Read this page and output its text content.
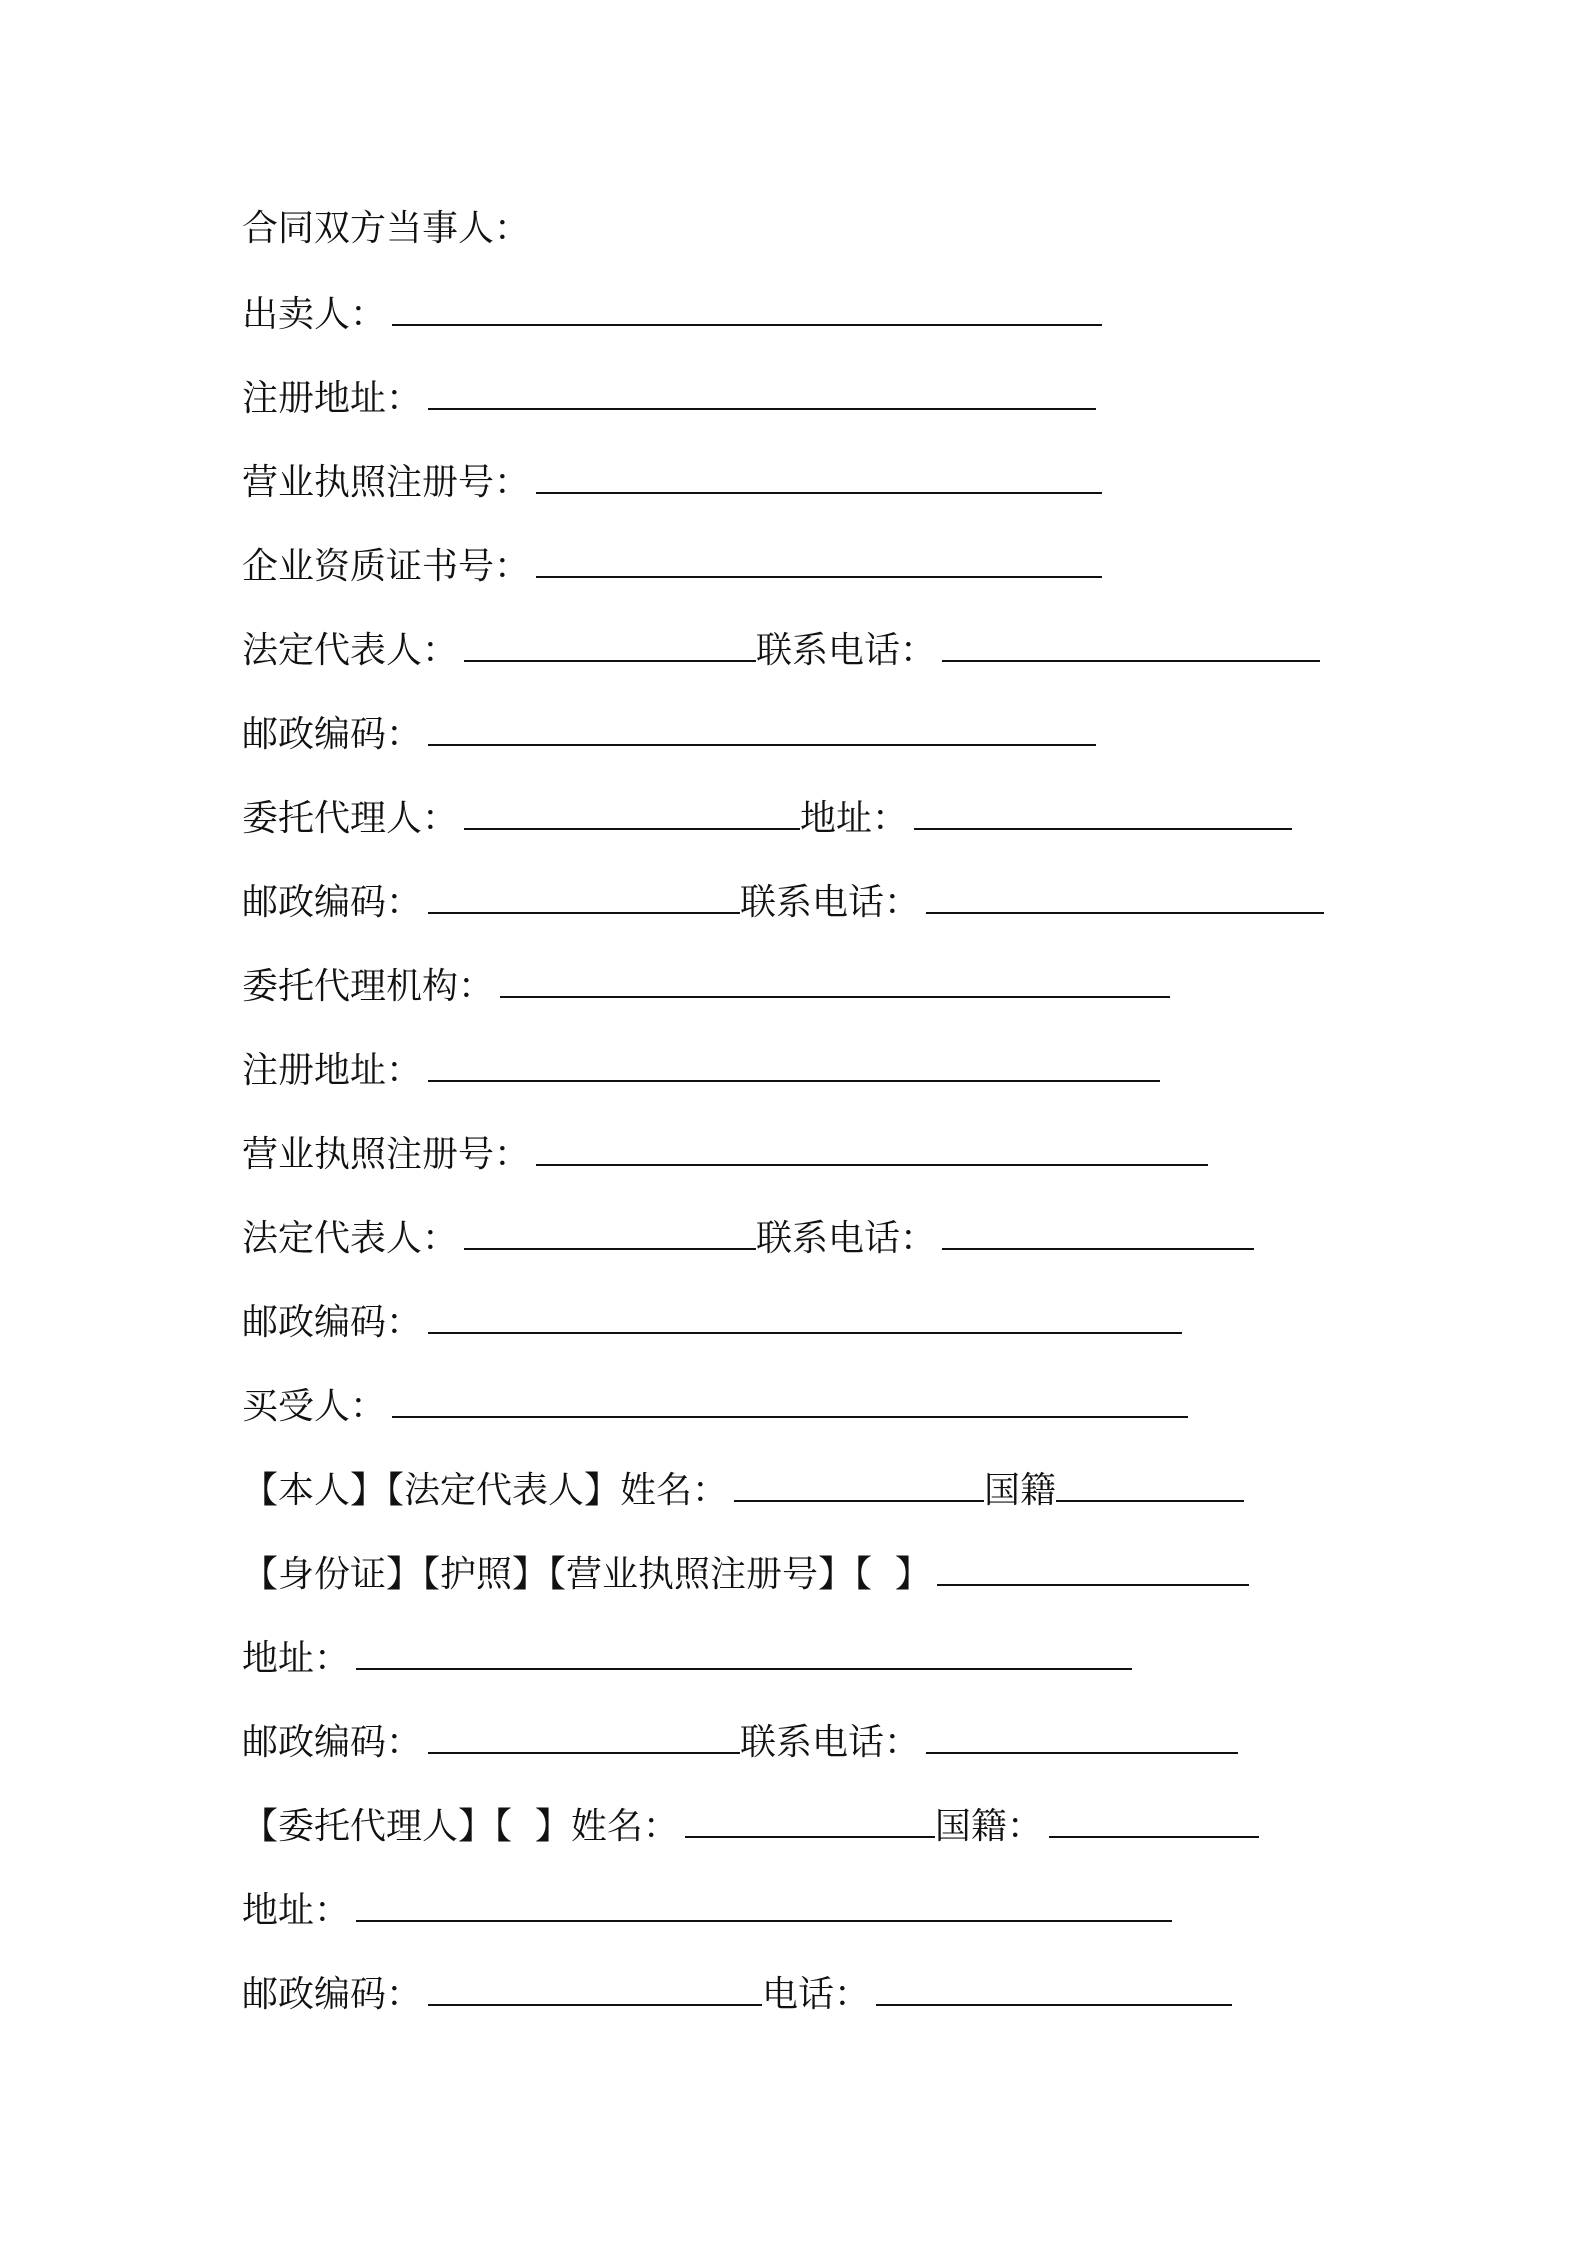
合同双方当事人：
出卖人：
注册地址：
营业执照注册号：
企业资质证书号：
法定代表人：	联系电话：
邮政编码：
委托代理人：	地址：
邮政编码：	联系电话：
委托代理机构：
注册地址：
营业执照注册号：
法定代表人：	联系电话：
邮政编码：
买受人：
【本人】【法定代表人】姓名：	国籍
【身份证】【护照】【营业执照注册号】【  】
地址：
邮政编码：	联系电话：
【委托代理人】【  】姓名：	国籍：
地址：
邮政编码：	电话：
